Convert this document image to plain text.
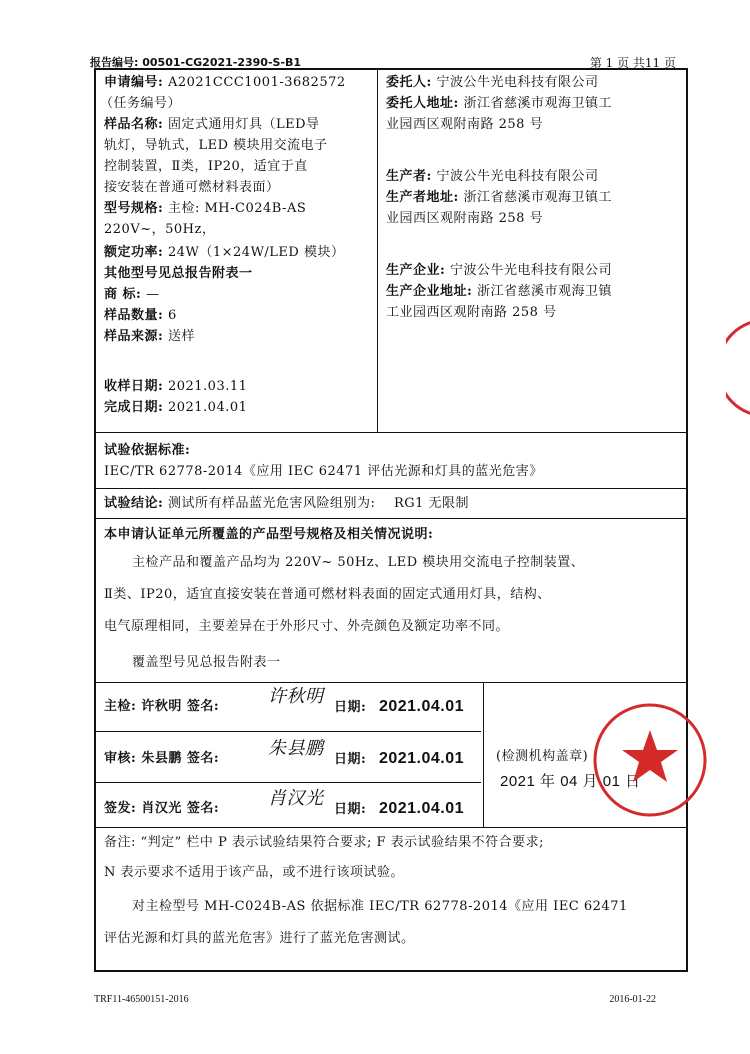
报告编号: 00501-CG2021-2390-S-B1	第 1 页 共11 页
申请编号: A2021CCC1001-3682572
（任务编号）
样品名称: 固定式通用灯具（LED导
轨灯，导轨式，LED 模块用交流电子
控制装置，Ⅱ类，IP20，适宜于直
接安装在普通可燃材料表面）
型号规格: 主检: MH-C024B-AS
220V~，50Hz，
额定功率: 24W（1×24W/LED 模块）
其他型号见总报告附表一
商 标: —
样品数量: 6
样品来源: 送样
收样日期: 2021.03.11
完成日期: 2021.04.01
委托人: 宁波公牛光电科技有限公司
委托人地址: 浙江省慈溪市观海卫镇工
业园西区观附南路 258 号
生产者: 宁波公牛光电科技有限公司
生产者地址: 浙江省慈溪市观海卫镇工
业园西区观附南路 258 号
生产企业: 宁波公牛光电科技有限公司
生产企业地址: 浙江省慈溪市观海卫镇
工业园西区观附南路 258 号
试验依据标准:
IEC/TR 62778-2014《应用 IEC 62471 评估光源和灯具的蓝光危害》
试验结论: 测试所有样品蓝光危害风险组别为: RG1 无限制
本申请认证单元所覆盖的产品型号规格及相关情况说明:
主检产品和覆盖产品均为 220V~ 50Hz、LED 模块用交流电子控制装置、
Ⅱ类、IP20，适宜直接安装在普通可燃材料表面的固定式通用灯具，结构、
电气原理相同，主要差异在于外形尺寸、外壳颜色及额定功率不同。
覆盖型号见总报告附表一
主检: 许秋明 签名:	许秋明
日期: 2021.04.01
审核: 朱县鹏 签名:	朱县鹏
日期: 2021.04.01
签发: 肖汉光 签名:	肖汉光
日期: 2021.04.01
(检测机构盖章)
2021 年 04 月 01 日
备注: “判定” 栏中 P 表示试验结果符合要求; F 表示试验结果不符合要求;
N 表示要求不适用于该产品，或不进行该项试验。
对主检型号 MH-C024B-AS 依据标准 IEC/TR 62778-2014《应用 IEC 62471
评估光源和灯具的蓝光危害》进行了蓝光危害测试。
TRF11-46500151-2016	2016-01-22
